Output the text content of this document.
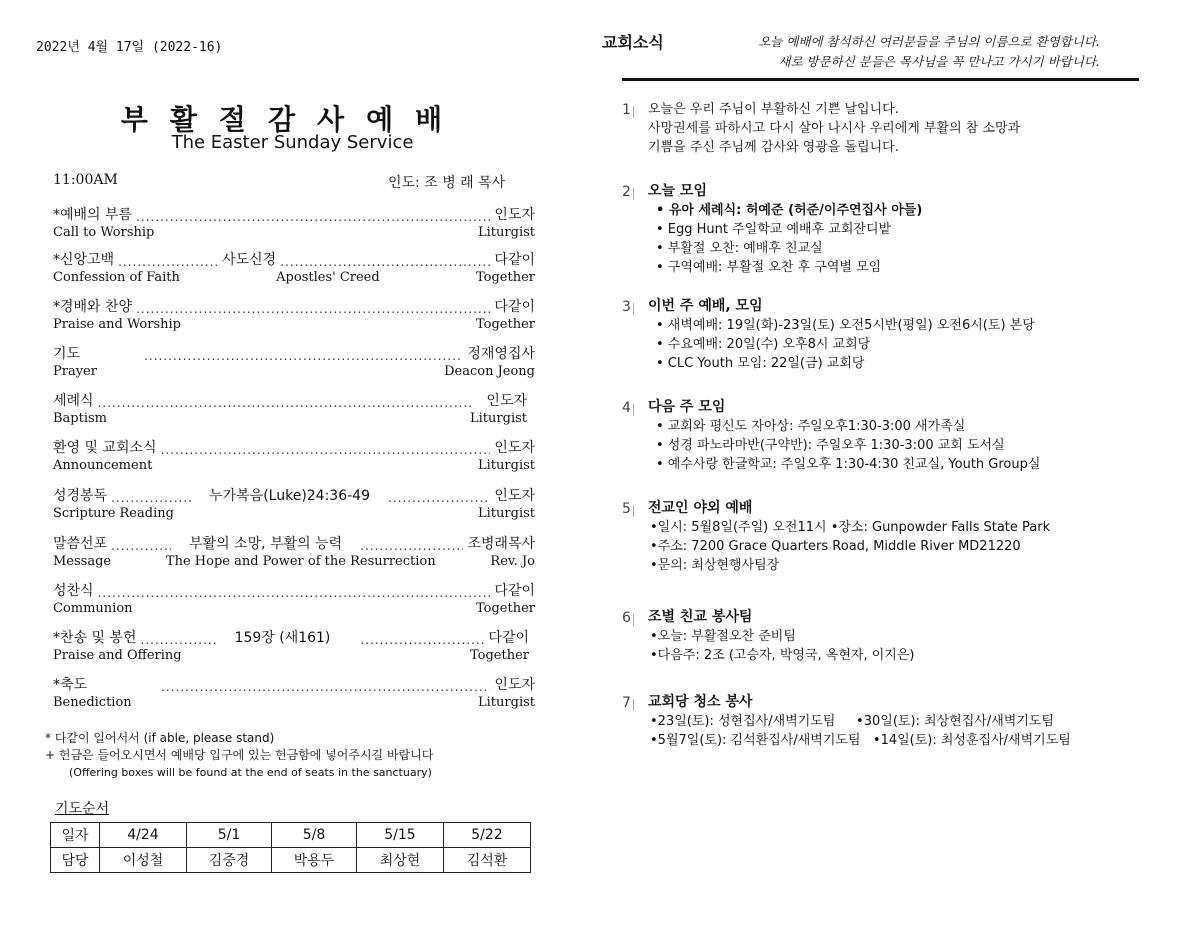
2022년 4월 17일 (2022-16)
부활절감사예배
The Easter Sunday Service
11:00AM	인도: 조 병 래 목사
*예배의 부름 .....	인도자
Call to Worship	Liturgist
*신앙고백 .....	사도신경 .....	다같이
Confession of Faith	Apostles' Creed	Together
*경배와 찬양 .....	다같이
Praise and Worship	Together
기도 .....	정재영집사
Prayer	Deacon Jeong
세례식 .....	인도자
Baptism	Liturgist
환영 및 교회소식 .....	인도자
Announcement	Liturgist
성경봉독 .....	누가복음(Luke)24:36-49 .....	인도자
Scripture Reading	Liturgist
말씀선포 .....	부활의 소망, 부활의 능력 .....	조병래목사
Message	The Hope and Power of the Resurrection	Rev. Jo
성찬식 .....	다같이
Communion	Together
*찬송 및 봉헌 .....	159장 (새161) .....	다같이
Praise and Offering	Together
*축도 .....	인도자
Benediction	Liturgist
* 다같이 일어서서 (if able, please stand)
+ 헌금은 들어오시면서 예배당 입구에 있는 헌금함에 넣어주시길 바랍니다
(Offering boxes will be found at the end of seats in the sanctuary)
기도순서
일자	4/24	5/1	5/8	5/15	5/22
담당	이성철	김중경	박용두	최상현	김석환
교회소식	오늘 예배에 참석하신 여러분들을 주님의 이름으로 환영합니다.
새로 방문하신 분들은 목사님을 꼭 만나고 가시기 바랍니다.
1	오늘은 우리 주님이 부활하신 기쁜 날입니다.
사망권세를 파하시고 다시 살아 나시사 우리에게 부활의 참 소망과
기쁨을 주신 주님께 감사와 영광을 돌립니다.
2	오늘 모임
• 유아 세례식: 허예준 (허준/이주연집사 아들)
• Egg Hunt 주일학교 예배후 교회잔디밭
• 부활절 오찬: 예배후 친교실
• 구역예배: 부활절 오찬 후 구역별 모임
3	이번 주 예배, 모임
• 새벽예배: 19일(화)-23일(토) 오전5시반(평일) 오전6시(토) 본당
• 수요예배: 20일(수) 오후8시 교회당
• CLC Youth 모임: 22일(금) 교회당
4	다음 주 모임
• 교회와 평신도 자아상: 주일오후1:30-3:00 새가족실
• 성경 파노라마반(구약반): 주일오후 1:30-3:00 교회 도서실
• 예수사랑 한글학교: 주일오후 1:30-4:30 친교실, Youth Group실
5	전교인 야외 예배
•일시: 5월8일(주일) 오전11시 •장소: Gunpowder Falls State Park
•주소: 7200 Grace Quarters Road, Middle River MD21220
•문의: 최상현행사팀장
6	조별 친교 봉사팀
•오늘: 부활절오찬 준비팀
•다음주: 2조 (고승자, 박영국, 옥현자, 이지은)
7	교회당 청소 봉사
•23일(토): 성현집사/새벽기도팀     •30일(토): 최상현집사/새벽기도팀
•5월7일(토): 김석환집사/새벽기도팀   •14일(토): 최성훈집사/새벽기도팀
